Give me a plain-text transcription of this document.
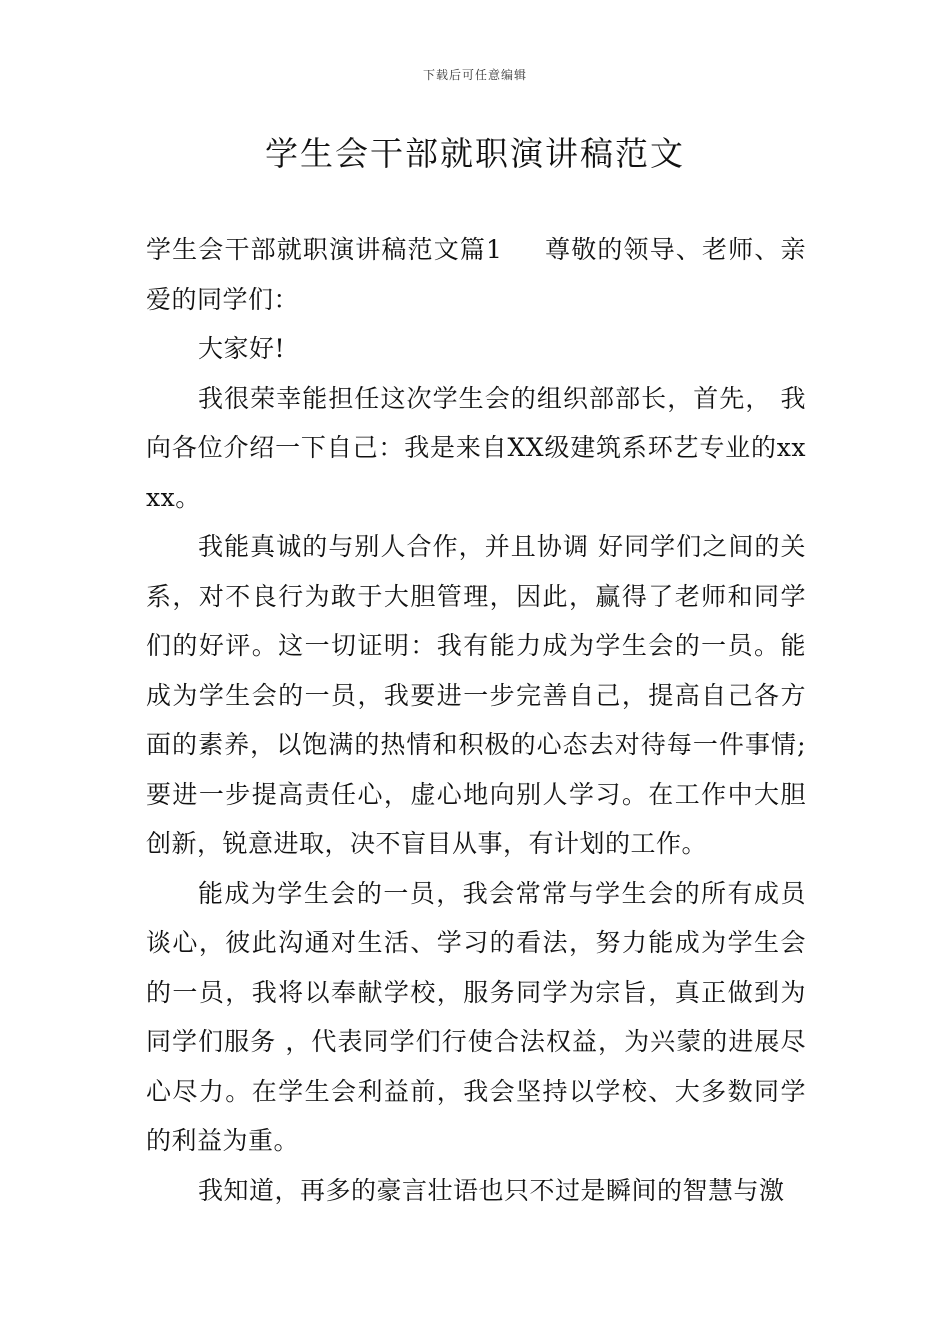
下载后可任意编辑
学生会干部就职演讲稿范文

学生会干部就职演讲稿范文篇1 尊敬的领导、老师、亲爱的同学们：

大家好!

我很荣幸能担任这次学生会的组织部部长，首先， 我向各位介绍一下自己：我是来自XX级建筑系环艺专业的xxxx。

我能真诚的与别人合作，并且协调 好同学们之间的关系，对不良行为敢于大胆管理，因此，赢得了老师和同学们的好评。这一切证明：我有能力成为学生会的一员。能成为学生会的一员，我要进一步完善自己，提高自己各方面的素养，以饱满的热情和积极的心态去对待每一件事情;要进一步提高责任心，虚心地向别人学习。在工作中大胆创新，锐意进取，决不盲目从事，有计划的工作。

能成为学生会的一员，我会常常与学生会的所有成员谈心，彼此沟通对生活、学习的看法，努力能成为学生会的一员，我将以奉献学校，服务同学为宗旨，真正做到为同学们服务 ，代表同学们行使合法权益，为兴蒙的进展尽心尽力。在学生会利益前，我会坚持以学校、大多数同学的利益为重。

我知道，再多的豪言壮语也只不过是瞬间的智慧与激
